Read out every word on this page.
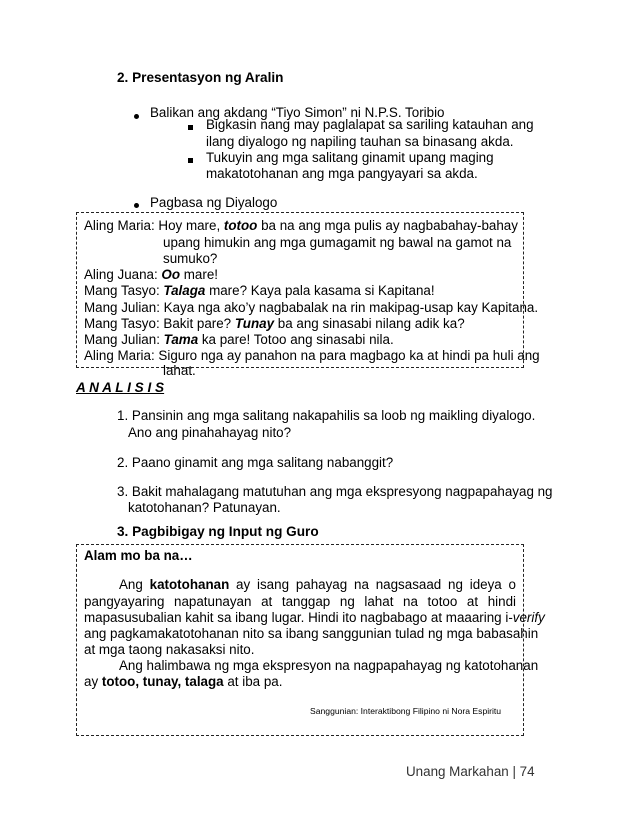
2. Presentasyon ng Aralin
Balikan ang akdang “Tiyo Simon” ni N.P.S. Toribio
Bigkasin nang may paglalapat sa sariling katauhan ang
ilang diyalogo ng napiling tauhan sa binasang akda.
Tukuyin ang mga salitang ginamit upang maging
makatotohanan ang mga pangyayari sa akda.
Pagbasa ng Diyalogo
Aling Maria: Hoy mare, totoo ba na ang mga pulis ay nagbabahay-bahay
upang himukin ang mga gumagamit ng bawal na gamot na
sumuko?
Aling Juana: Oo mare!
Mang Tasyo: Talaga mare? Kaya pala kasama si Kapitana!
Mang Julian: Kaya nga ako’y nagbabalak na rin makipag-usap kay Kapitana.
Mang Tasyo: Bakit pare? Tunay ba ang sinasabi nilang adik ka?
Mang Julian: Tama ka pare! Totoo ang sinasabi nila.
Aling Maria: Siguro nga ay panahon na para magbago ka at hindi pa huli ang
lahat.
A N A L I S I S
1. Pansinin ang mga salitang nakapahilis sa loob ng maikling diyalogo.
Ano ang pinahahayag nito?
2. Paano ginamit ang mga salitang nabanggit?
3. Bakit mahalagang matutuhan ang mga ekspresyong nagpapahayag ng
katotohanan? Patunayan.
3. Pagbibigay ng Input ng Guro
Alam mo ba na…
Ang katotohanan ay isang pahayag na nagsasaad ng ideya o
pangyayaring napatunayan at tanggap ng lahat na totoo at hindi
mapasusubalian kahit sa ibang lugar. Hindi ito nagbabago at maaaring i-verify
ang pagkamakatotohanan nito sa ibang sanggunian tulad ng mga babasahin
at mga taong nakasaksi nito.
Ang halimbawa ng mga ekspresyon na nagpapahayag ng katotohanan
ay totoo, tunay, talaga at iba pa.
Sanggunian: Interaktibong Filipino ni Nora Espiritu
Unang Markahan | 74
